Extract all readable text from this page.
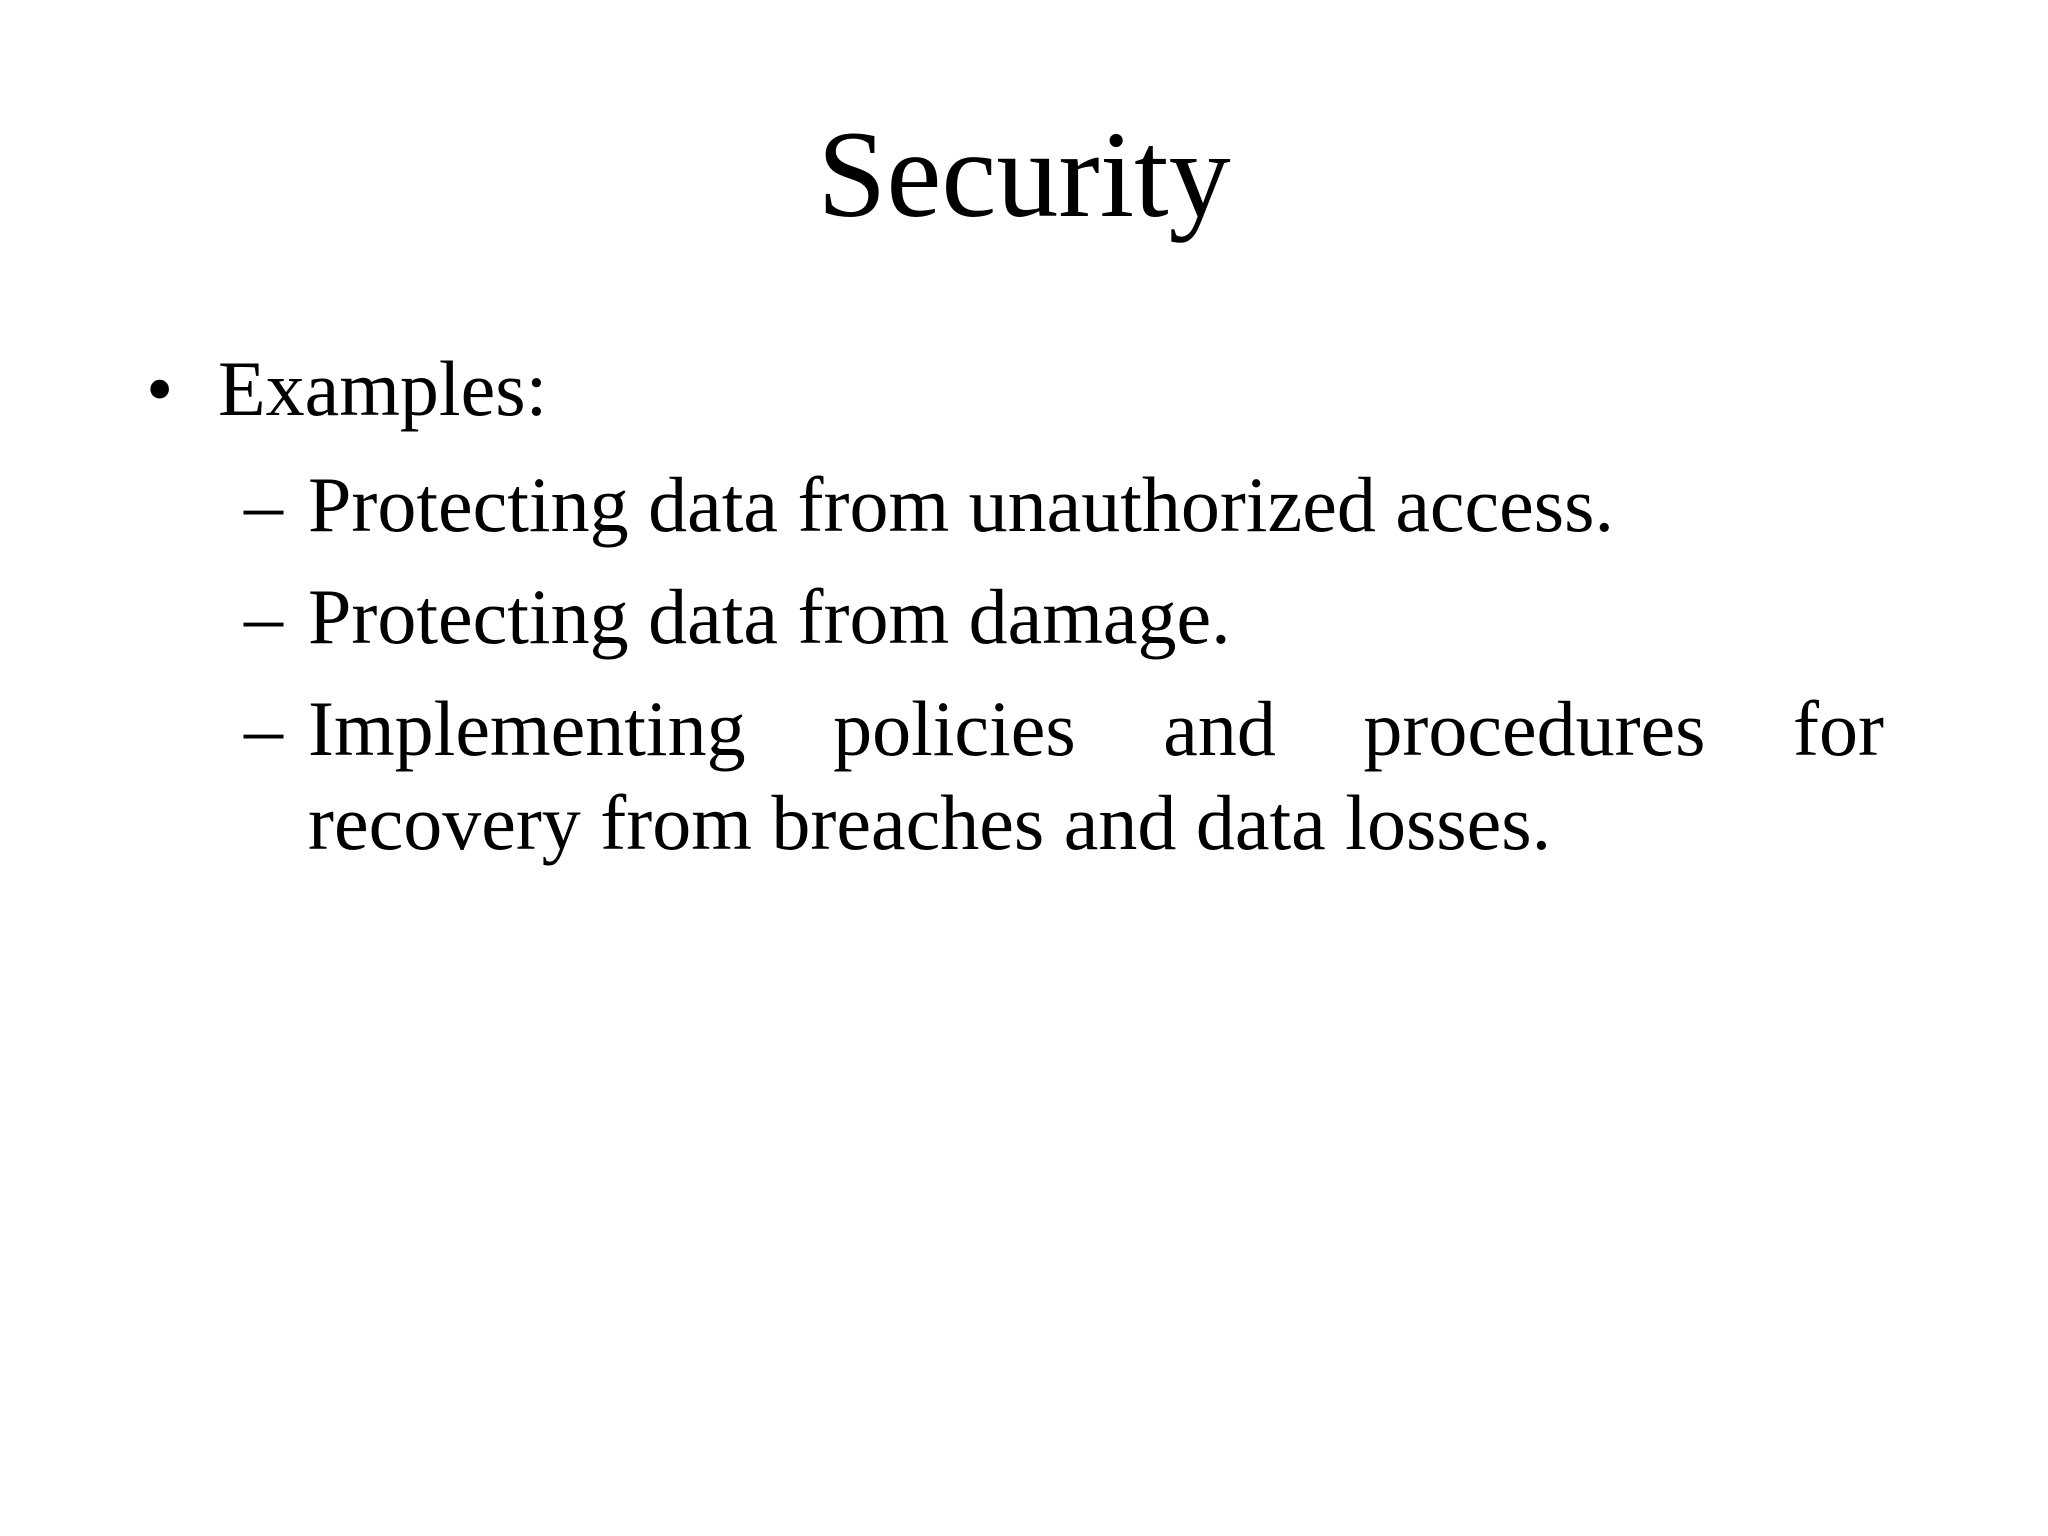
Security
• Examples:
– Protecting data from unauthorized access.
– Protecting data from damage.
– Implementing policies and procedures for recovery from breaches and data losses.
